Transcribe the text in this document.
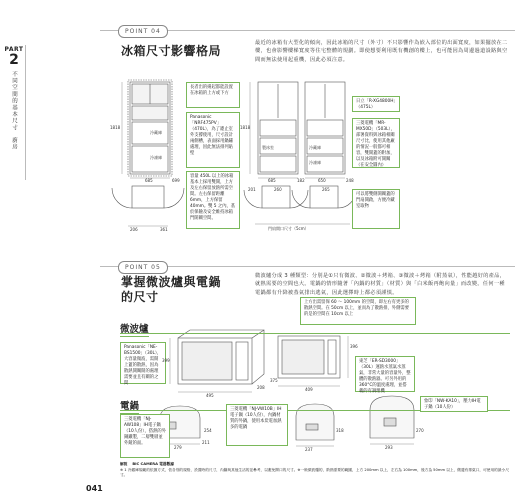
PART
2
不同空間的基本尺寸
廚房
POINT 04
冰箱尺寸影響格局
最近的冰箱有大型化的傾向，因此冰箱的尺寸（外寸）不只影響作為嵌入部位的出面寬度，如果擺放在二樓，也會影響樓梯寬度等住宅整體的規劃。即使想要利用既有機創的樓上，也可能因為周邊過道設路與空間而無法使用起重機，因此必須注意。
冷藏庫
冷凍庫
製冰室	冷藏庫
冷凍庫
1818
685	699
206	361
1818
685	182	650	248
201	260	265
門扇開口尺寸（5cm）
長者出的揚起都能設置在冰箱的上方或下方
Panasonic「NRF475PV」（470L），為了遷止室外支撐使用，尺寸設計兩側槽，表面採用鍋鏽處理，因此無法排列貼壁
容量 450L 以上的冰箱基本上採用雙開，上方及左右保留放熱所需空間。左右保留距離6mm，上方保留 40mm。雙 5 之內，基於保險及安全維持冰箱門開關空間。
日立「R-XG4800H」（475L）
三菱電機「MR-MX50D」（503L），部署資料與冰箱相關尺寸比，使用其他廠的情況一般都可相容，雙開蓋的附加，以及冰箱附可開關（在安全圓內）
可以將雙側開關蓋的門扇開啟，方便冷藏室取物
POINT 05
掌握微波爐與電鍋的尺寸
微波爐分成 3 種類型：分別是①只有微波、②微波＋烤箱、③微波＋烤箱（附蒸氣），性能越好的產品，就熱需要的空間也大。電鍋的情形隨著「內鍋的材質」（材質）與「白米飯再飽向量」而改變。任何一種電鍋都有升降被蒸氣排出逃氣，因此選擇時上都必須謹慎。
微波爐
上方出需留保 60 ～ 100mm 的空間，即左右有更多的散熱空間。在 50cm 以上，並而為了散熱排，外側需要的是的空間在 10cm 以上
Panasonic「NE-BS1500」（30L），大容量微波，需開上蓋的散熱，因為散熱開關開的處理需要並且有關的之間
東芝「ER-SD3000」（30L）運熱水蒸氣水蒸氣，非常大量的容量外，整體的散熱器。可另外用的360°C的溫度處理，並搭載的有調理機
495
399
208	409
396
375
電鍋
三菱電機「NJ-AW108」IH電子鍋（10人份），搭熱的外銅鐵製，二層雙層並外鏡的面。
三菱電機「NJ-VW10B」IH電子鍋（10人份），內鍋材質的外鍋，使用本炭電加熱多的電鍋
象印「NW-KA10」，壓力IH電子鍋（10人份）
279
254
211
237
318
293
270
解說　 BIC CAMERA 電器數據
※ 1 冷藏庫規範的依據方式，依各別的規格，設置時的尺寸，內鍋與其他生活的並參考，以避免開口的尺寸。※一般微波爐的，散熱需要的範圍，上方 200mm 以上，左右為 100mm，後方為 50mm 以上，側邊有排氣口，可使用的最小尺寸。
041
